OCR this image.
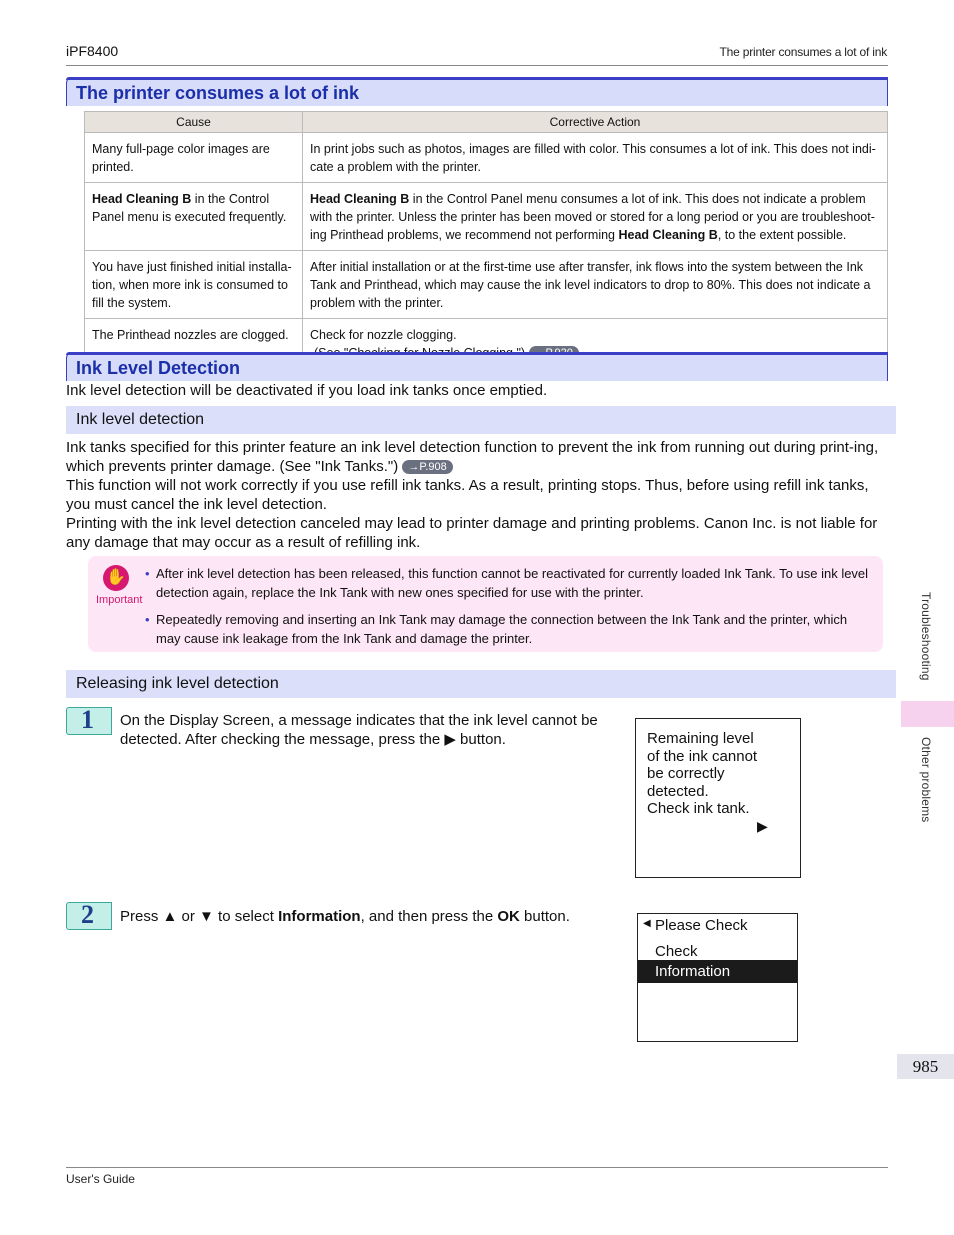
iPF8400	The printer consumes a lot of ink
The printer consumes a lot of ink
Cause	Corrective Action
Many full-page color images are printed.	In print jobs such as photos, images are filled with color. This consumes a lot of ink. This does not indi-cate a problem with the printer.
Head Cleaning B in the Control Panel menu is executed frequently.	Head Cleaning B in the Control Panel menu consumes a lot of ink. This does not indicate a problem with the printer. Unless the printer has been moved or stored for a long period or you are troubleshoot-ing Printhead problems, we recommend not performing Head Cleaning B, to the extent possible.
You have just finished initial installa-tion, when more ink is consumed to fill the system.	After initial installation or at the first-time use after transfer, ink flows into the system between the Ink Tank and Printhead, which may cause the ink level indicators to drop to 80%. This does not indicate a problem with the printer.
The Printhead nozzles are clogged.	Check for nozzle clogging.
Ink Level Detection
Ink level detection will be deactivated if you load ink tanks once emptied.
Ink level detection
Ink tanks specified for this printer feature an ink level detection function to prevent the ink from running out during print-ing, which prevents printer damage. (See "Ink Tanks.") →P.908
This function will not work correctly if you use refill ink tanks. As a result, printing stops. Thus, before using refill ink tanks, you must cancel the ink level detection.
Printing with the ink level detection canceled may lead to printer damage and printing problems. Canon Inc. is not liable for any damage that may occur as a result of refilling ink.
✋
Important
• After ink level detection has been released, this function cannot be reactivated for currently loaded Ink Tank. To use ink level detection again, replace the Ink Tank with new ones specified for use with the printer.
• Repeatedly removing and inserting an Ink Tank may damage the connection between the Ink Tank and the printer, which may cause ink leakage from the Ink Tank and damage the printer.
Releasing ink level detection
1 On the Display Screen, a message indicates that the ink level cannot be detected. After checking the message, press the ▶ button.	Remaining level
of the ink cannot
be correctly
detected.
Check ink tank.
▶
2 Press ▲ or ▼ to select Information, and then press the OK button.	◀ Please Check
Check
Information
Troubleshooting
Other problems
985
User's Guide
